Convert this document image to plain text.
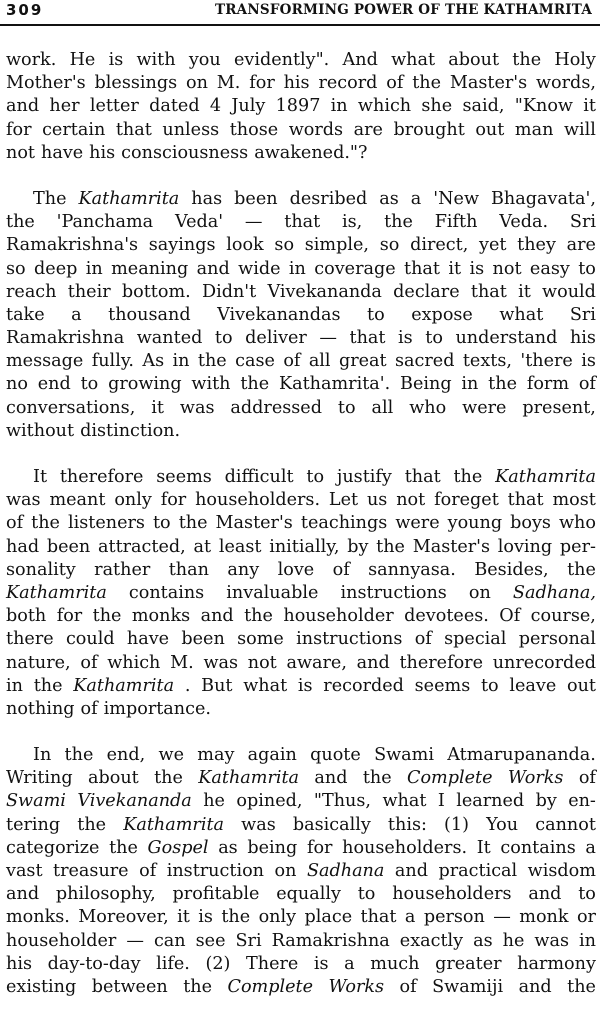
309	TRANSFORMING POWER OF THE KATHAMRITA
work. He is with you evidently". And what about the Holy
Mother's blessings on M. for his record of the Master's words,
and her letter dated 4 July 1897 in which she said, "Know it
for certain that unless those words are brought out man will
not have his consciousness awakened."?
The Kathamrita has been desribed as a 'New Bhagavata',
the 'Panchama Veda' — that is, the Fifth Veda. Sri
Ramakrishna's sayings look so simple, so direct, yet they are
so deep in meaning and wide in coverage that it is not easy to
reach their bottom. Didn't Vivekananda declare that it would
take a thousand Vivekanandas to expose what Sri
Ramakrishna wanted to deliver — that is to understand his
message fully. As in the case of all great sacred texts, 'there is
no end to growing with the Kathamrita'. Being in the form of
conversations, it was addressed to all who were present,
without distinction.
It therefore seems difficult to justify that the Kathamrita
was meant only for householders. Let us not foreget that most
of the listeners to the Master's teachings were young boys who
had been attracted, at least initially, by the Master's loving per-
sonality rather than any love of sannyasa. Besides, the
Kathamrita contains invaluable instructions on Sadhana,
both for the monks and the householder devotees. Of course,
there could have been some instructions of special personal
nature, of which M. was not aware, and therefore unrecorded
in the Kathamrita . But what is recorded seems to leave out
nothing of importance.
In the end, we may again quote Swami Atmarupananda.
Writing about the Kathamrita and the Complete Works of
Swami Vivekananda he opined, "Thus, what I learned by en-
tering the Kathamrita was basically this: (1) You cannot
categorize the Gospel as being for householders. It contains a
vast treasure of instruction on Sadhana and practical wisdom
and philosophy, profitable equally to householders and to
monks. Moreover, it is the only place that a person — monk or
householder — can see Sri Ramakrishna exactly as he was in
his day-to-day life. (2) There is a much greater harmony
existing between the Complete Works of Swamiji and the
